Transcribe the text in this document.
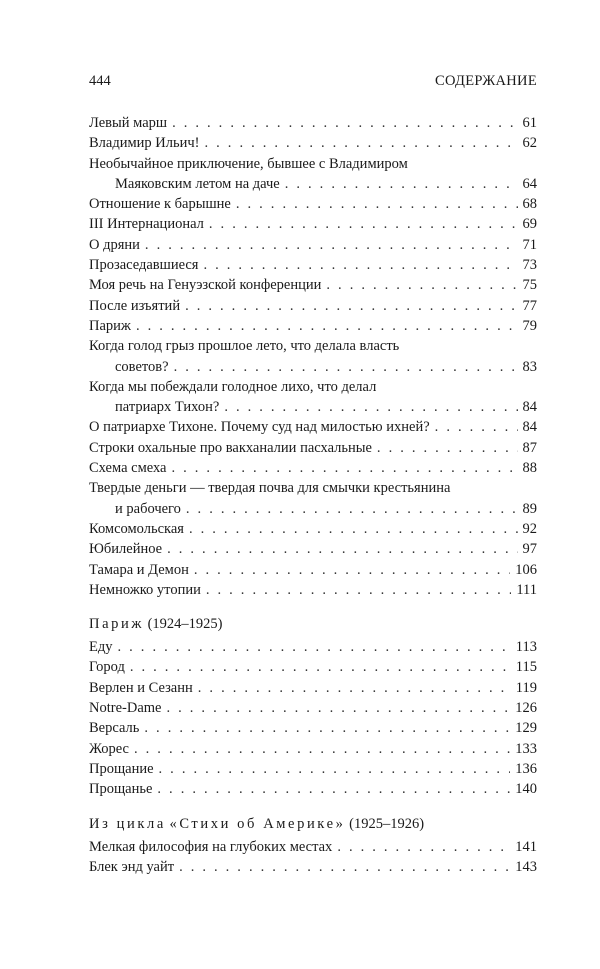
444	СОДЕРЖАНИЕ
Левый марш . . .	61
Владимир Ильич! . . .	62
Необычайное приключение, бывшее с Владимиром
Маяковским летом на даче . . .	64
Отношение к барышне . . .	68
III Интернационал . . .	69
О дряни . . .	71
Прозаседавшиеся . . .	73
Моя речь на Генуэзской конференции . . .	75
После изъятий . . .	77
Париж . . .	79
Когда голод грыз прошлое лето, что делала власть
советов? . . .	83
Когда мы побеждали голодное лихо, что делал
патриарх Тихон? . . .	84
О патриархе Тихоне. Почему суд над милостью ихней? . . .	84
Строки охальные про вакханалии пасхальные . . .	87
Схема смеха . . .	88
Твердые деньги — твердая почва для смычки крестьянина
и рабочего . . .	89
Комсомольская . . .	92
Юбилейное . . .	97
Тамара и Демон . . .	106
Немножко утопии . . .	111
Париж (1924–1925)
Еду . . .	113
Город . . .	115
Верлен и Сезанн . . .	119
Notre-Dame . . .	126
Версаль . . .	129
Жорес . . .	133
Прощание . . .	136
Прощанье . . .	140
Из цикла «Стихи об Америке» (1925–1926)
Мелкая философия на глубоких местах . . .	141
Блек энд уайт . . .	143
